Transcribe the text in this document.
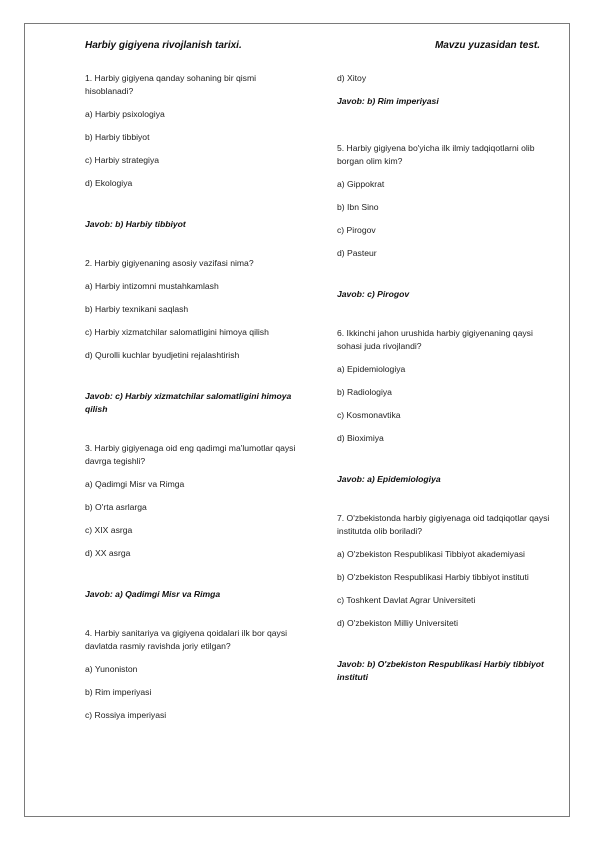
Harbiy gigiyena rivojlanish tarixi.	Mavzu yuzasidan test.

1. Harbiy gigiyena qanday sohaning bir qismi hisoblanadi?

a) Harbiy psixologiya

b) Harbiy tibbiyot

c) Harbiy strategiya

d) Ekologiya

Javob: b) Harbiy tibbiyot

2. Harbiy gigiyenaning asosiy vazifasi nima?

a) Harbiy intizomni mustahkamlash

b) Harbiy texnikani saqlash

c) Harbiy xizmatchilar salomatligini himoya qilish

d) Qurolli kuchlar byudjetini rejalashtirish

Javob: c) Harbiy xizmatchilar salomatligini himoya qilish

3. Harbiy gigiyenaga oid eng qadimgi ma'lumotlar qaysi davrga tegishli?

a) Qadimgi Misr va Rimga

b) O'rta asrlarga

c) XIX asrga

d) XX asrga

Javob: a) Qadimgi Misr va Rimga

4. Harbiy sanitariya va gigiyena qoidalari ilk bor qaysi davlatda rasmiy ravishda joriy etilgan?

a) Yunoniston

b) Rim imperiyasi

c) Rossiya imperiyasi

d) Xitoy

Javob: b) Rim imperiyasi

5. Harbiy gigiyena bo'yicha ilk ilmiy tadqiqotlarni olib borgan olim kim?

a) Gippokrat

b) Ibn Sino

c) Pirogov

d) Pasteur

Javob: c) Pirogov

6. Ikkinchi jahon urushida harbiy gigiyenaning qaysi sohasi juda rivojlandi?

a) Epidemiologiya

b) Radiologiya

c) Kosmonavtika

d) Bioximiya

Javob: a) Epidemiologiya

7. O'zbekistonda harbiy gigiyenaga oid tadqiqotlar qaysi institutda olib boriladi?

a) O'zbekiston Respublikasi Tibbiyot akademiyasi

b) O'zbekiston Respublikasi Harbiy tibbiyot instituti

c) Toshkent Davlat Agrar Universiteti

d) O'zbekiston Milliy Universiteti

Javob: b) O'zbekiston Respublikasi Harbiy tibbiyot instituti
